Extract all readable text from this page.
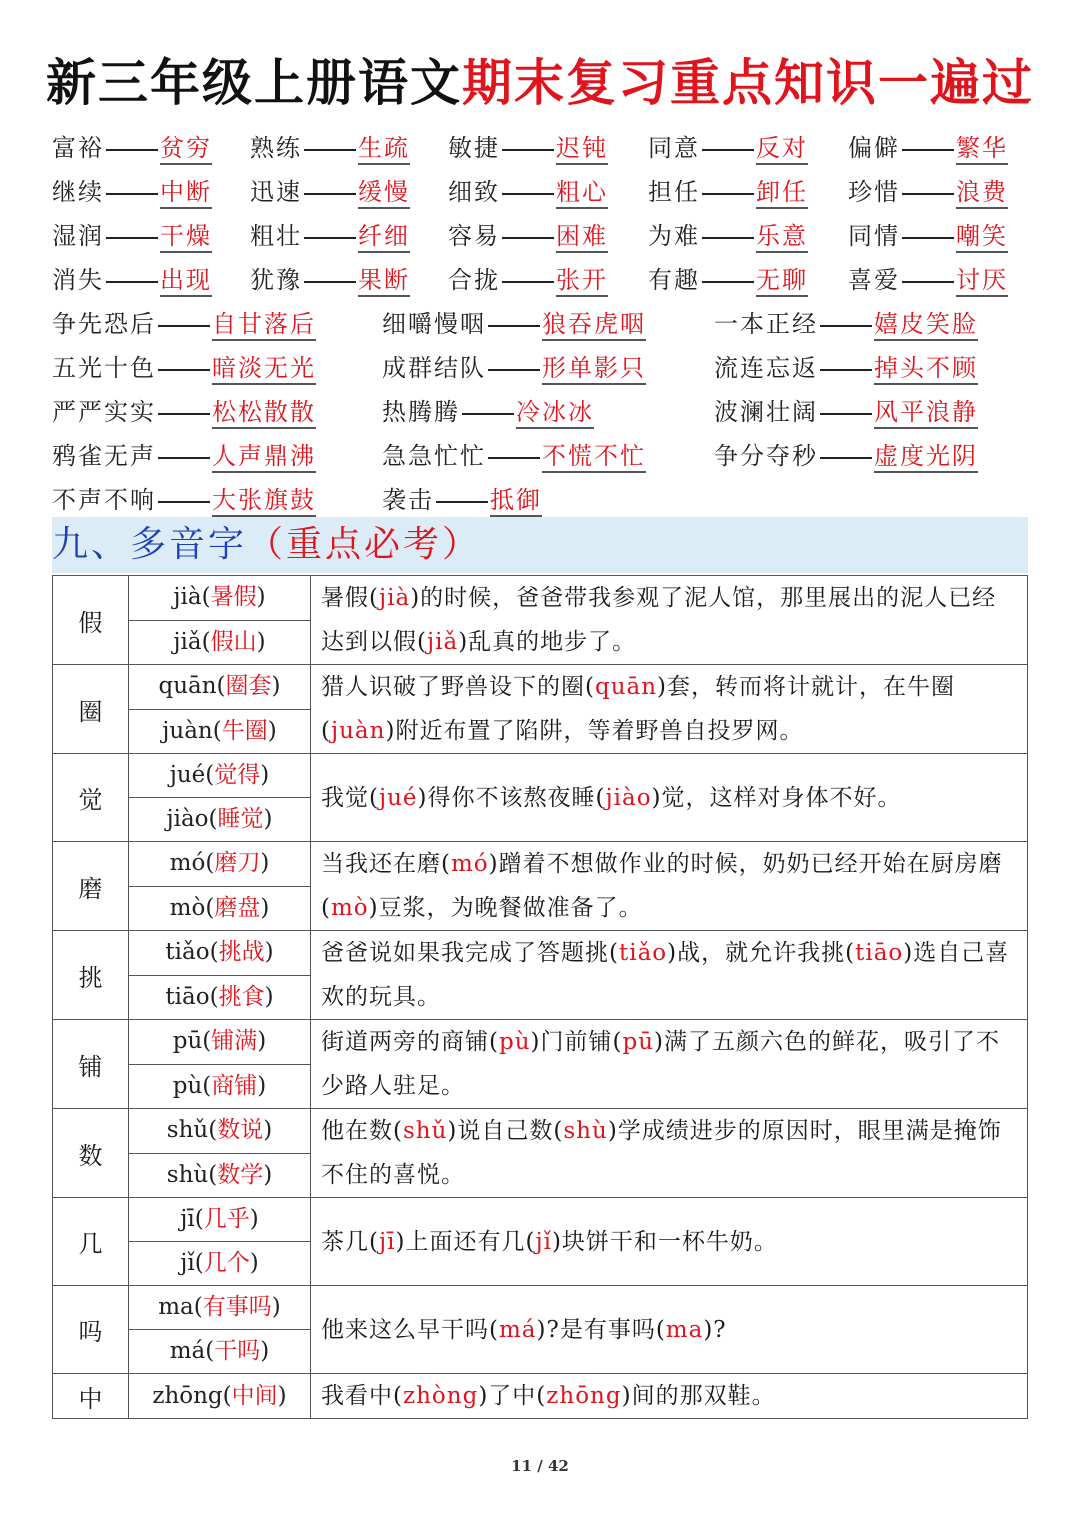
新三年级上册语文期末复习重点知识一遍过
富裕 贫穷 熟练 生疏 敏捷 迟钝 同意 反对 偏僻 繁华
继续 中断 迅速 缓慢 细致 粗心 担任 卸任 珍惜 浪费
湿润 干燥 粗壮 纤细 容易 困难 为难 乐意 同情 嘲笑
消失 出现 犹豫 果断 合拢 张开 有趣 无聊 喜爱 讨厌
争先恐后 自甘落后	细嚼慢咽 狼吞虎咽	一本正经 嬉皮笑脸
五光十色 暗淡无光	成群结队 形单影只	流连忘返 掉头不顾
严严实实 松松散散	热腾腾 冷冰冰	波澜壮阔 风平浪静
鸦雀无声 人声鼎沸	急急忙忙 不慌不忙	争分夺秒 虚度光阴
不声不响 大张旗鼓	袭击 抵御
九、多音字（重点必考）
假	jià(暑假)	暑假(jià)的时候，爸爸带我参观了泥人馆，那里展出的泥人已经达到以假(jiǎ)乱真的地步了。
	jiǎ(假山)	
圈	quān(圈套)	猎人识破了野兽设下的圈(quān)套，转而将计就计，在牛圈(juàn)附近布置了陷阱，等着野兽自投罗网。
	juàn(牛圈)	
觉	jué(觉得)	我觉(jué)得你不该熬夜睡(jiào)觉，这样对身体不好。
	jiào(睡觉)	
磨	mó(磨刀)	当我还在磨(mó)蹭着不想做作业的时候，奶奶已经开始在厨房磨(mò)豆浆，为晚餐做准备了。
	mò(磨盘)	
挑	tiǎo(挑战)	爸爸说如果我完成了答题挑(tiǎo)战，就允许我挑(tiāo)选自己喜欢的玩具。
	tiāo(挑食)	
铺	pū(铺满)	街道两旁的商铺(pù)门前铺(pū)满了五颜六色的鲜花，吸引了不少路人驻足。
	pù(商铺)	
数	shǔ(数说)	他在数(shǔ)说自己数(shù)学成绩进步的原因时，眼里满是掩饰不住的喜悦。
	shù(数学)	
几	jī(几乎)	茶几(jī)上面还有几(jǐ)块饼干和一杯牛奶。
	jǐ(几个)	
吗	ma(有事吗)	他来这么早干吗(má)?是有事吗(ma)?
	má(干吗)	
中	zhōng(中间)	我看中(zhòng)了中(zhōng)间的那双鞋。
11 / 42
